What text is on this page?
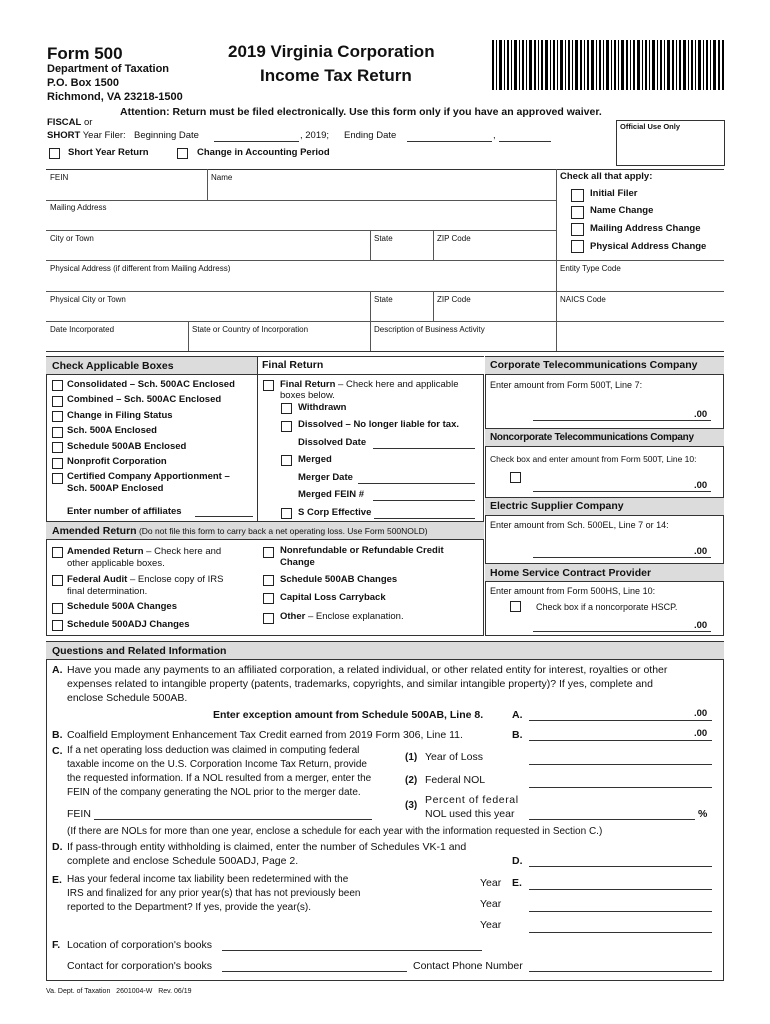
Form 500
Department of Taxation
P.O. Box 1500
Richmond, VA 23218-1500
2019 Virginia Corporation
Income Tax Return
Attention: Return must be filed electronically. Use this form only if you have an approved waiver.
FISCAL or
SHORT Year Filer: Beginning Date	, 2019; Ending Date	,
Official Use Only
Short Year Return	Change in Accounting Period
FEIN	Name
Mailing Address
City or Town	State	ZIP Code
Physical Address (if different from Mailing Address)	Entity Type Code
Physical City or Town	State	ZIP Code	NAICS Code
Date Incorporated	State or Country of Incorporation	Description of Business Activity
Check all that apply:
Initial Filer
Name Change
Mailing Address Change
Physical Address Change
Check Applicable Boxes	Final Return
Consolidated – Sch. 500AC Enclosed
Combined – Sch. 500AC Enclosed
Change in Filing Status
Sch. 500A Enclosed
Schedule 500AB Enclosed
Nonprofit Corporation
Certified Company Apportionment –
Sch. 500AP Enclosed
Enter number of affiliates
Final Return – Check here and applicable
boxes below.
Withdrawn
Dissolved – No longer liable for tax.
Dissolved Date
Merged
Merger Date
Merged FEIN #
S Corp Effective
Amended Return (Do not file this form to carry back a net operating loss. Use Form 500NOLD)
Amended Return – Check here and
other applicable boxes.
Federal Audit – Enclose copy of IRS
final determination.
Schedule 500A Changes
Schedule 500ADJ Changes
Nonrefundable or Refundable Credit
Change
Schedule 500AB Changes
Capital Loss Carryback
Other – Enclose explanation.
Corporate Telecommunications Company
Enter amount from Form 500T, Line 7:
.00
Noncorporate Telecommunications Company
Check box and enter amount from Form 500T, Line 10:
.00
Electric Supplier Company
Enter amount from Sch. 500EL, Line 7 or 14:
.00
Home Service Contract Provider
Enter amount from Form 500HS, Line 10:
Check box if a noncorporate HSCP.
.00
Questions and Related Information
A. Have you made any payments to an affiliated corporation, a related individual, or other related entity for interest, royalties or other
expenses related to intangible property (patents, trademarks, copyrights, and similar intangible property)? If yes, complete and
enclose Schedule 500AB.
Enter exception amount from Schedule 500AB, Line 8.	A.	.00
B. Coalfield Employment Enhancement Tax Credit earned from 2019 Form 306, Line 11.	B.	.00
C. If a net operating loss deduction was claimed in computing federal
taxable income on the U.S. Corporation Income Tax Return, provide
the requested information. If a NOL resulted from a merger, enter the
FEIN of the company generating the NOL prior to the merger date.
(1) Year of Loss
(2) Federal NOL
(3) Percent of federal
NOL used this year	%
FEIN
(If there are NOLs for more than one year, enclose a schedule for each year with the information requested in Section C.)
D. If pass-through entity withholding is claimed, enter the number of Schedules VK-1 and
complete and enclose Schedule 500ADJ, Page 2.	D.
E. Has your federal income tax liability been redetermined with the
IRS and finalized for any prior year(s) that has not previously been
reported to the Department? If yes, provide the year(s).
Year E.
Year
Year
F. Location of corporation's books
Contact for corporation's books	Contact Phone Number
Va. Dept. of Taxation   2601004-W   Rev. 06/19
